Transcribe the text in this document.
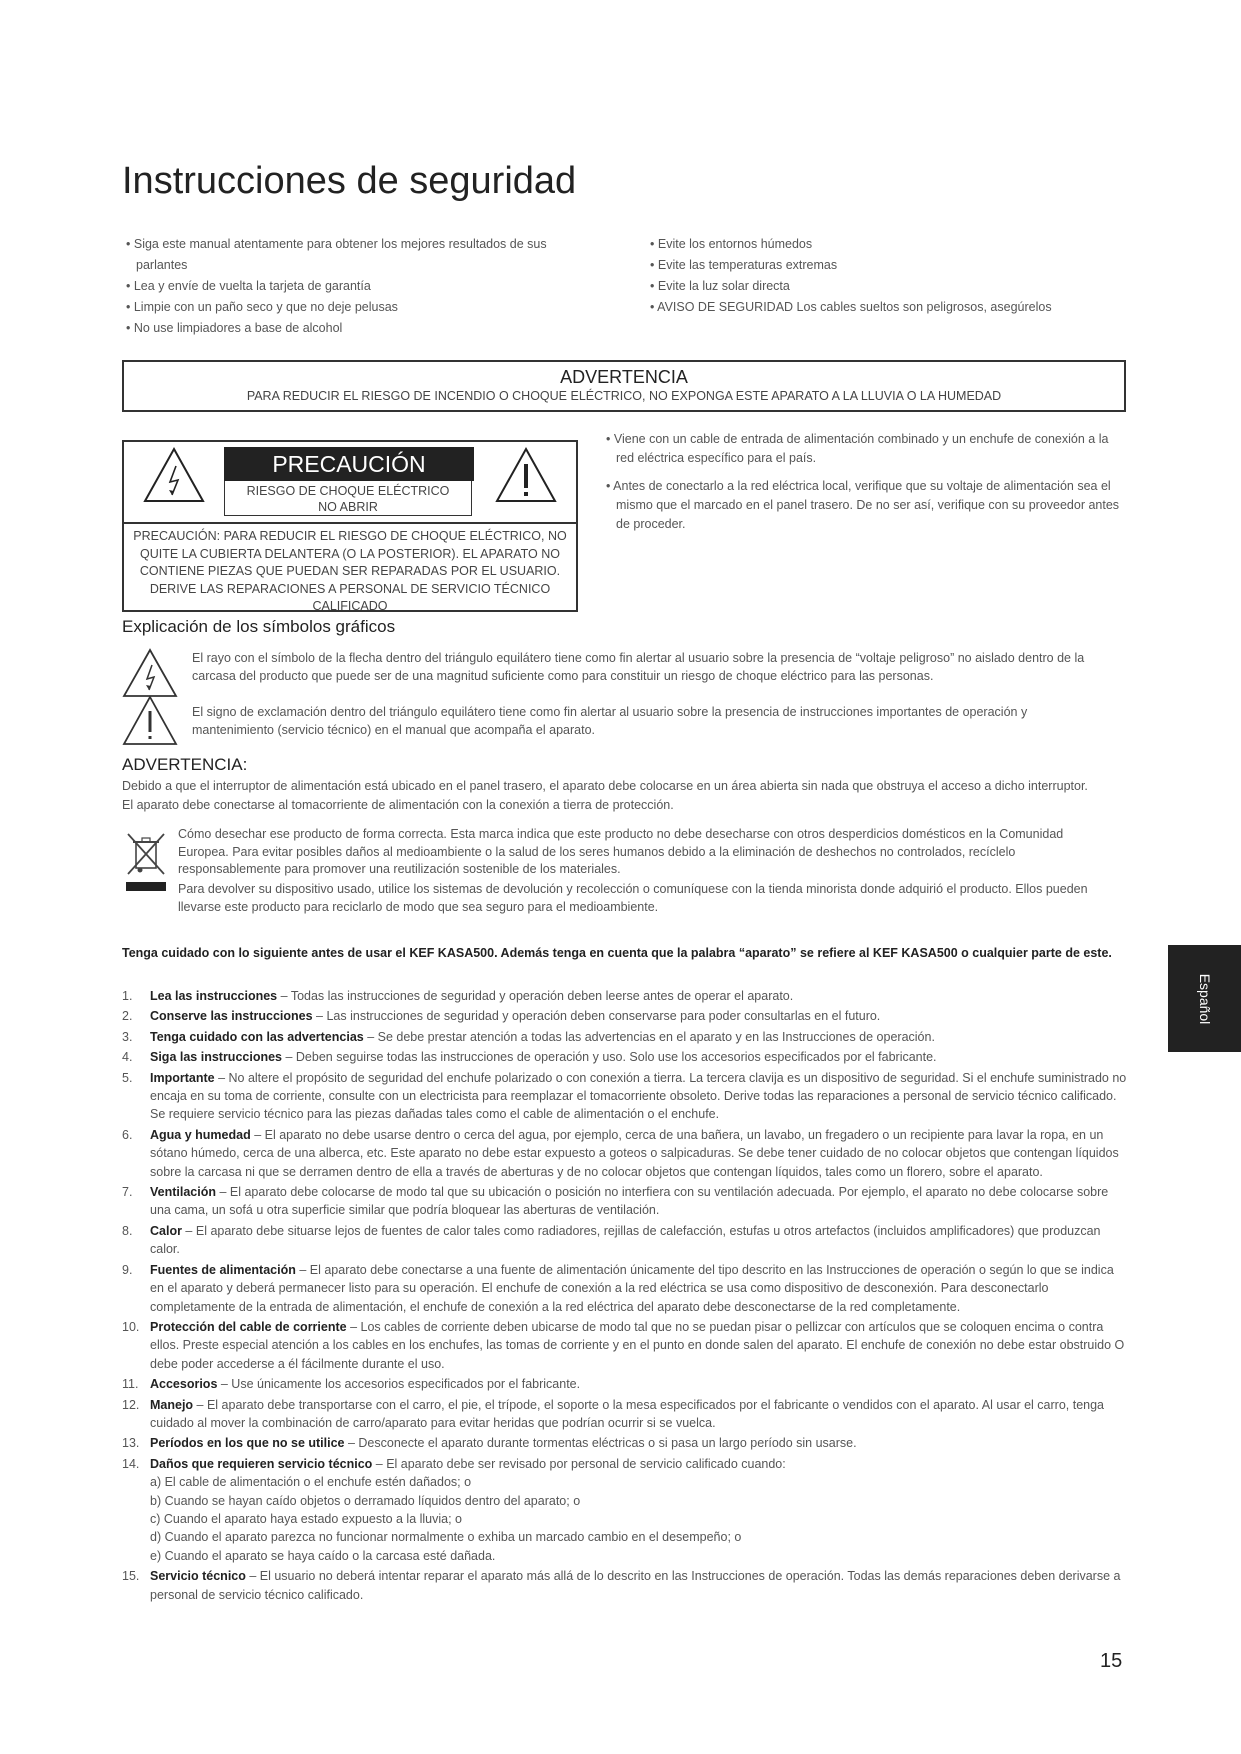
Instrucciones de seguridad
• Siga este manual atentamente para obtener los mejores resultados de sus parlantes
• Lea y envíe de vuelta la tarjeta de garantía
• Limpie con un paño seco y que no deje pelusas
• No use limpiadores a base de alcohol
• Evite los entornos húmedos
• Evite las temperaturas extremas
• Evite la luz solar directa
• AVISO DE SEGURIDAD Los cables sueltos son peligrosos, asegúrelos
ADVERTENCIA
PARA REDUCIR EL RIESGO DE INCENDIO O CHOQUE ELÉCTRICO, NO EXPONGA ESTE APARATO A LA LLUVIA O LA HUMEDAD
PRECAUCIÓN
RIESGO DE CHOQUE ELÉCTRICO
NO ABRIR
PRECAUCIÓN: PARA REDUCIR EL RIESGO DE CHOQUE ELÉCTRICO, NO QUITE LA CUBIERTA DELANTERA (O LA POSTERIOR). EL APARATO NO CONTIENE PIEZAS QUE PUEDAN SER REPARADAS POR EL USUARIO. DERIVE LAS REPARACIONES A PERSONAL DE SERVICIO TÉCNICO CALIFICADO
• Viene con un cable de entrada de alimentación combinado y un enchufe de conexión a la red eléctrica específico para el país.
• Antes de conectarlo a la red eléctrica local, verifique que su voltaje de alimentación sea el mismo que el marcado en el panel trasero. De no ser así, verifique con su proveedor antes de proceder.
Explicación de los símbolos gráficos

El rayo con el símbolo de la flecha dentro del triángulo equilátero tiene como fin alertar al usuario sobre la presencia de “voltaje peligroso” no aislado dentro de la carcasa del producto que puede ser de una magnitud suficiente como para constituir un riesgo de choque eléctrico para las personas.

El signo de exclamación dentro del triángulo equilátero tiene como fin alertar al usuario sobre la presencia de instrucciones importantes de operación y mantenimiento (servicio técnico) en el manual que acompaña el aparato.

ADVERTENCIA:

Debido a que el interruptor de alimentación está ubicado en el panel trasero, el aparato debe colocarse en un área abierta sin nada que obstruya el acceso a dicho interruptor.

El aparato debe conectarse al tomacorriente de alimentación con la conexión a tierra de protección.

Cómo desechar ese producto de forma correcta. Esta marca indica que este producto no debe desecharse con otros desperdicios domésticos en la Comunidad Europea. Para evitar posibles daños al medioambiente o la salud de los seres humanos debido a la eliminación de deshechos no controlados, recíclelo responsablemente para promover una reutilización sostenible de los materiales.

Para devolver su dispositivo usado, utilice los sistemas de devolución y recolección o comuníquese con la tienda minorista donde adquirió el producto. Ellos pueden llevarse este producto para reciclarlo de modo que sea seguro para el medioambiente.

Tenga cuidado con lo siguiente antes de usar el KEF KASA500. Además tenga en cuenta que la palabra “aparato” se refiere al KEF KASA500 o cualquier parte de este.

1. Lea las instrucciones – Todas las instrucciones de seguridad y operación deben leerse antes de operar el aparato.
2. Conserve las instrucciones – Las instrucciones de seguridad y operación deben conservarse para poder consultarlas en el futuro.
3. Tenga cuidado con las advertencias – Se debe prestar atención a todas las advertencias en el aparato y en las Instrucciones de operación.
4. Siga las instrucciones – Deben seguirse todas las instrucciones de operación y uso. Solo use los accesorios especificados por el fabricante.
5. Importante – No altere el propósito de seguridad del enchufe polarizado o con conexión a tierra. La tercera clavija es un dispositivo de seguridad. Si el enchufe suministrado no encaja en su toma de corriente, consulte con un electricista para reemplazar el tomacorriente obsoleto. Derive todas las reparaciones a personal de servicio técnico calificado. Se requiere servicio técnico para las piezas dañadas tales como el cable de alimentación o el enchufe.
6. Agua y humedad – El aparato no debe usarse dentro o cerca del agua, por ejemplo, cerca de una bañera, un lavabo, un fregadero o un recipiente para lavar la ropa, en un sótano húmedo, cerca de una alberca, etc. Este aparato no debe estar expuesto a goteos o salpicaduras. Se debe tener cuidado de no colocar objetos que contengan líquidos sobre la carcasa ni que se derramen dentro de ella a través de aberturas y de no colocar objetos que contengan líquidos, tales como un florero, sobre el aparato.
7. Ventilación – El aparato debe colocarse de modo tal que su ubicación o posición no interfiera con su ventilación adecuada. Por ejemplo, el aparato no debe colocarse sobre una cama, un sofá u otra superficie similar que podría bloquear las aberturas de ventilación.
8. Calor – El aparato debe situarse lejos de fuentes de calor tales como radiadores, rejillas de calefacción, estufas u otros artefactos (incluidos amplificadores) que produzcan calor.
9. Fuentes de alimentación – El aparato debe conectarse a una fuente de alimentación únicamente del tipo descrito en las Instrucciones de operación o según lo que se indica en el aparato y deberá permanecer listo para su operación. El enchufe de conexión a la red eléctrica se usa como dispositivo de desconexión. Para desconectarlo completamente de la entrada de alimentación, el enchufe de conexión a la red eléctrica del aparato debe desconectarse de la red completamente.
10. Protección del cable de corriente – Los cables de corriente deben ubicarse de modo tal que no se puedan pisar o pellizcar con artículos que se coloquen encima o contra ellos. Preste especial atención a los cables en los enchufes, las tomas de corriente y en el punto en donde salen del aparato. El enchufe de conexión no debe estar obstruido O debe poder accederse a él fácilmente durante el uso.
11. Accesorios – Use únicamente los accesorios especificados por el fabricante.
12. Manejo – El aparato debe transportarse con el carro, el pie, el trípode, el soporte o la mesa especificados por el fabricante o vendidos con el aparato. Al usar el carro, tenga cuidado al mover la combinación de carro/aparato para evitar heridas que podrían ocurrir si se vuelca.
13. Períodos en los que no se utilice – Desconecte el aparato durante tormentas eléctricas o si pasa un largo período sin usarse.
14. Daños que requieren servicio técnico – El aparato debe ser revisado por personal de servicio calificado cuando:
a) El cable de alimentación o el enchufe estén dañados; o
b) Cuando se hayan caído objetos o derramado líquidos dentro del aparato; o
c) Cuando el aparato haya estado expuesto a la lluvia; o
d) Cuando el aparato parezca no funcionar normalmente o exhiba un marcado cambio en el desempeño; o
e) Cuando el aparato se haya caído o la carcasa esté dañada.
15. Servicio técnico – El usuario no deberá intentar reparar el aparato más allá de lo descrito en las Instrucciones de operación. Todas las demás reparaciones deben derivarse a personal de servicio técnico calificado.
Español
15
